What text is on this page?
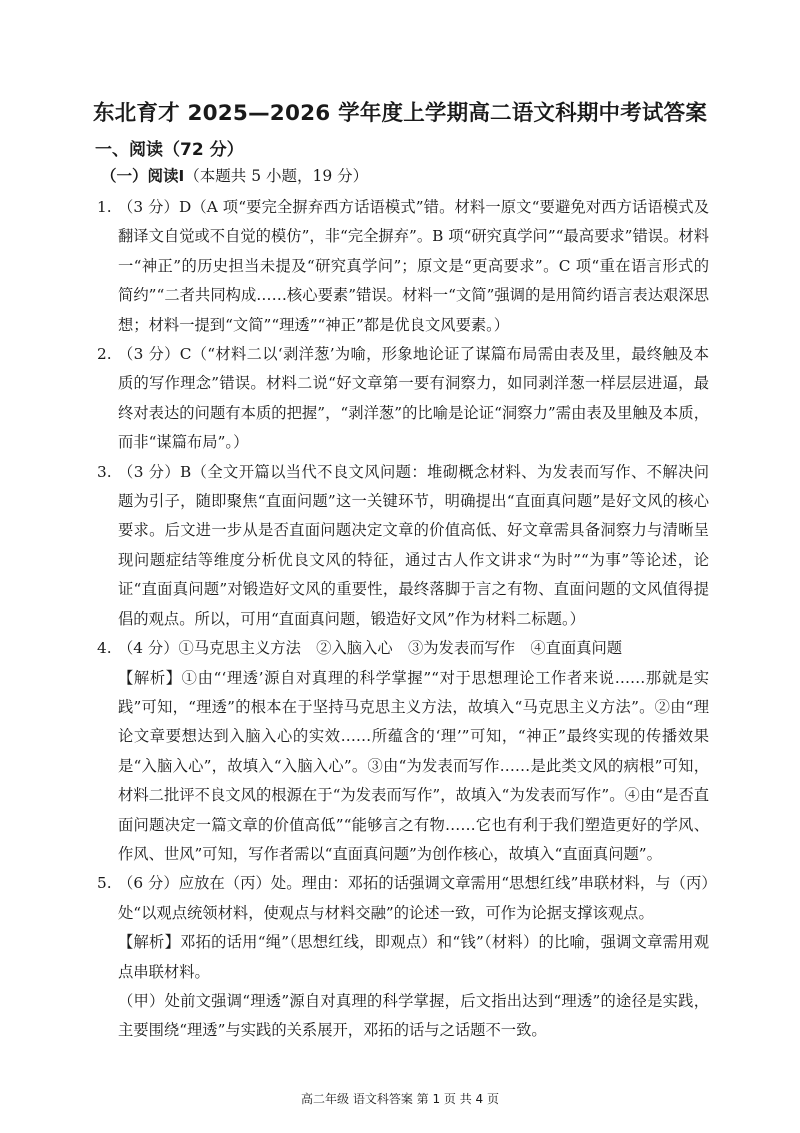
东北育才 2025—2026 学年度上学期高二语文科期中考试答案

一、阅读（72 分）

（一）阅读Ⅰ（本题共 5 小题，19 分）

1. （3 分）D（A 项“要完全摒弃西方话语模式”错。材料一原文“要避免对西方话语模式及翻译文自觉或不自觉的模仿”，非“完全摒弃”。B 项“研究真学问”“最高要求”错误。材料一“神正”的历史担当未提及“研究真学问”；原文是“更高要求”。C 项“重在语言形式的简约”“二者共同构成……核心要素”错误。材料一“文简”强调的是用简约语言表达艰深思想；材料一提到“文简”“理透”“神正”都是优良文风要素。）

2. （3 分）C（“材料二以‘剥洋葱’为喻，形象地论证了谋篇布局需由表及里，最终触及本质的写作理念”错误。材料二说“好文章第一要有洞察力，如同剥洋葱一样层层进逼，最终对表达的问题有本质的把握”，“剥洋葱”的比喻是论证“洞察力”需由表及里触及本质，而非“谋篇布局”。）

3. （3 分）B（全文开篇以当代不良文风问题：堆砌概念材料、为发表而写作、不解决问题为引子，随即聚焦“直面问题”这一关键环节，明确提出“直面真问题”是好文风的核心要求。后文进一步从是否直面问题决定文章的价值高低、好文章需具备洞察力与清晰呈现问题症结等维度分析优良文风的特征，通过古人作文讲求“为时”“为事”等论述，论证“直面真问题”对锻造好文风的重要性，最终落脚于言之有物、直面问题的文风值得提倡的观点。所以，可用“直面真问题，锻造好文风”作为材料二标题。）

4. （4 分）①马克思主义方法　②入脑入心　③为发表而写作　④直面真问题

【解析】①由“‘理透’源自对真理的科学掌握”“对于思想理论工作者来说……那就是实践”可知，“理透”的根本在于坚持马克思主义方法，故填入“马克思主义方法”。②由“理论文章要想达到入脑入心的实效……所蕴含的‘理’”可知，“神正”最终实现的传播效果是“入脑入心”，故填入“入脑入心”。③由“为发表而写作……是此类文风的病根”可知，材料二批评不良文风的根源在于“为发表而写作”，故填入“为发表而写作”。④由“是否直面问题决定一篇文章的价值高低”“能够言之有物……它也有利于我们塑造更好的学风、作风、世风”可知，写作者需以“直面真问题”为创作核心，故填入“直面真问题”。

5. （6 分）应放在（丙）处。理由：邓拓的话强调文章需用“思想红线”串联材料，与（丙）处“以观点统领材料，使观点与材料交融”的论述一致，可作为论据支撑该观点。

【解析】邓拓的话用“绳”（思想红线，即观点）和“钱”（材料）的比喻，强调文章需用观点串联材料。

（甲）处前文强调“理透”源自对真理的科学掌握，后文指出达到“理透”的途径是实践，主要围绕“理透”与实践的关系展开，邓拓的话与之话题不一致。

高二年级 语文科答案 第 1 页 共 4 页
